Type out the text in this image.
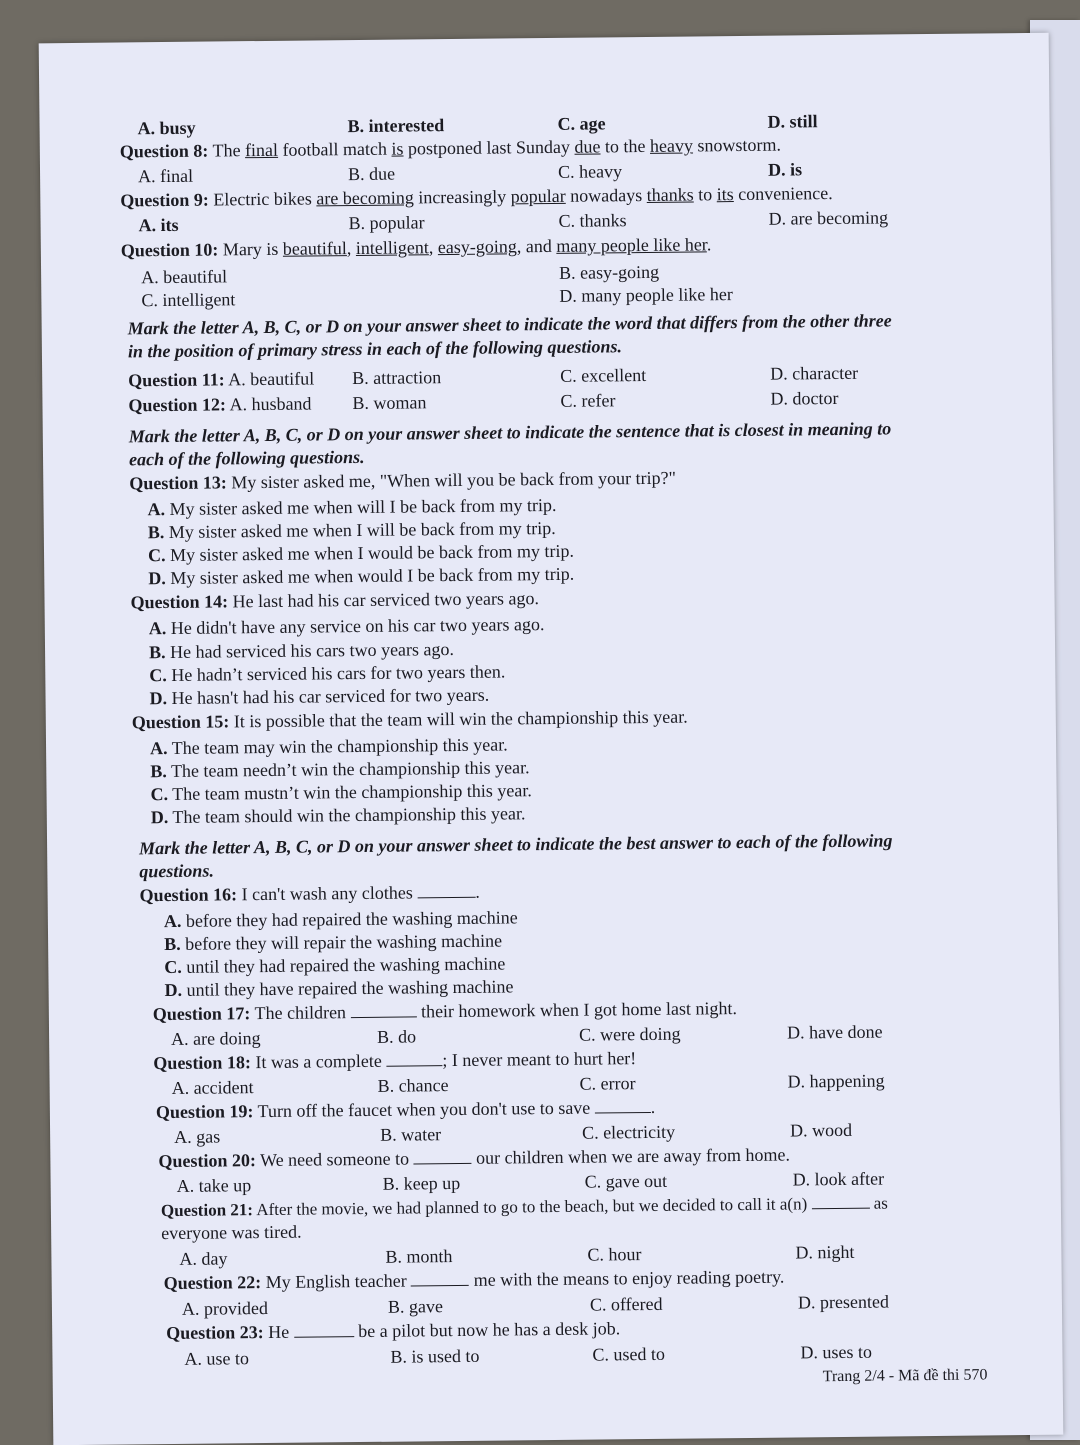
A. busy	B. interested	C. age	D. still
Question 8: The final football match is postponed last Sunday due to the heavy snowstorm.
A. final	B. due	C. heavy	D. is
Question 9: Electric bikes are becoming increasingly popular nowadays thanks to its convenience.
A. its	B. popular	C. thanks	D. are becoming
Question 10: Mary is beautiful, intelligent, easy-going, and many people like her.
A. beautiful	B. easy-going
C. intelligent	D. many people like her
Mark the letter A, B, C, or D on your answer sheet to indicate the word that differs from the other three
in the position of primary stress in each of the following questions.
Question 11: A. beautiful B. attraction	C. excellent	D. character
Question 12: A. husband B. woman	C. refer	D. doctor
Mark the letter A, B, C, or D on your answer sheet to indicate the sentence that is closest in meaning to
each of the following questions.
Question 13: My sister asked me, "When will you be back from your trip?"
A. My sister asked me when will I be back from my trip.
B. My sister asked me when I will be back from my trip.
C. My sister asked me when I would be back from my trip.
D. My sister asked me when would I be back from my trip.
Question 14: He last had his car serviced two years ago.
A. He didn't have any service on his car two years ago.
B. He had serviced his cars two years ago.
C. He hadn’t serviced his cars for two years then.
D. He hasn't had his car serviced for two years.
Question 15: It is possible that the team will win the championship this year.
A. The team may win the championship this year.
B. The team needn’t win the championship this year.
C. The team mustn’t win the championship this year.
D. The team should win the championship this year.
Mark the letter A, B, C, or D on your answer sheet to indicate the best answer to each of the following
questions.
Question 16: I can't wash any clothes	.
A. before they had repaired the washing machine
B. before they will repair the washing machine
C. until they had repaired the washing machine
D. until they have repaired the washing machine
Question 17: The children	their homework when I got home last night.
A. are doing	B. do	C. were doing	D. have done
Question 18: It was a complete	; I never meant to hurt her!
A. accident	B. chance	C. error	D. happening
Question 19: Turn off the faucet when you don't use to save	.
A. gas	B. water	C. electricity	D. wood
Question 20: We need someone to	our children when we are away from home.
A. take up	B. keep up	C. gave out	D. look after
Question 21: After the movie, we had planned to go to the beach, but we decided to call it a(n)	as
everyone was tired.
A. day	B. month	C. hour	D. night
Question 22: My English teacher	me with the means to enjoy reading poetry.
A. provided	B. gave	C. offered	D. presented
Question 23: He	be a pilot but now he has a desk job.
A. use to	B. is used to	C. used to	D. uses to
Trang 2/4 - Mã đề thi 570
